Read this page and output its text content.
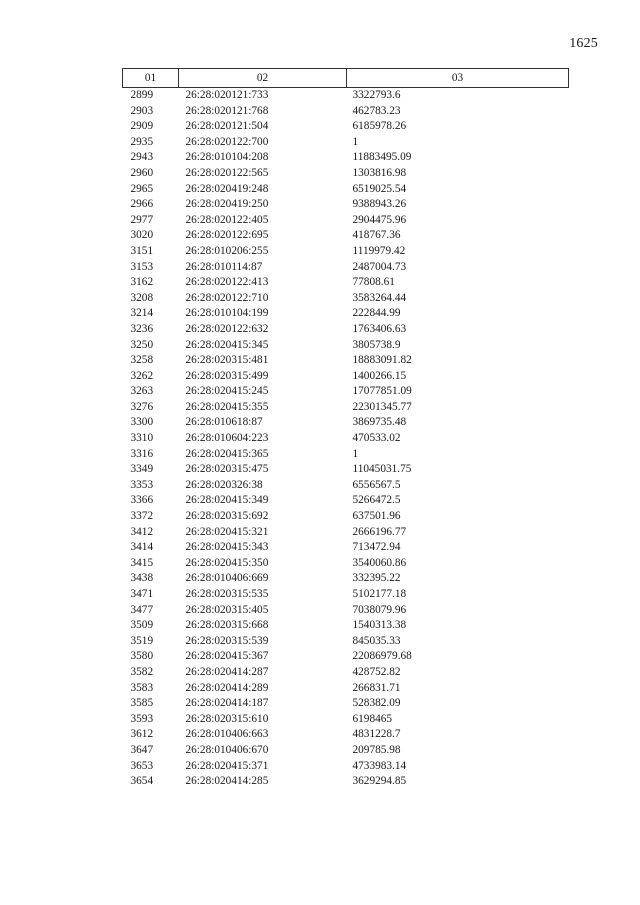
1625
01	02	03
2899	26:28:020121:733	3322793.6
2903	26:28:020121:768	462783.23
2909	26:28:020121:504	6185978.26
2935	26:28:020122:700	1
2943	26:28:010104:208	11883495.09
2960	26:28:020122:565	1303816.98
2965	26:28:020419:248	6519025.54
2966	26:28:020419:250	9388943.26
2977	26:28:020122:405	2904475.96
3020	26:28:020122:695	418767.36
3151	26:28:010206:255	1119979.42
3153	26:28:010114:87	2487004.73
3162	26:28:020122:413	77808.61
3208	26:28:020122:710	3583264.44
3214	26:28:010104:199	222844.99
3236	26:28:020122:632	1763406.63
3250	26:28:020415:345	3805738.9
3258	26:28:020315:481	18883091.82
3262	26:28:020315:499	1400266.15
3263	26:28:020415:245	17077851.09
3276	26:28:020415:355	22301345.77
3300	26:28:010618:87	3869735.48
3310	26:28:010604:223	470533.02
3316	26:28:020415:365	1
3349	26:28:020315:475	11045031.75
3353	26:28:020326:38	6556567.5
3366	26:28:020415:349	5266472.5
3372	26:28:020315:692	637501.96
3412	26:28:020415:321	2666196.77
3414	26:28:020415:343	713472.94
3415	26:28:020415:350	3540060.86
3438	26:28:010406:669	332395.22
3471	26:28:020315:535	5102177.18
3477	26:28:020315:405	7038079.96
3509	26:28:020315:668	1540313.38
3519	26:28:020315:539	845035.33
3580	26:28:020415:367	22086979.68
3582	26:28:020414:287	428752.82
3583	26:28:020414:289	266831.71
3585	26:28:020414:187	528382.09
3593	26:28:020315:610	6198465
3612	26:28:010406:663	4831228.7
3647	26:28:010406:670	209785.98
3653	26:28:020415:371	4733983.14
3654	26:28:020414:285	3629294.85
